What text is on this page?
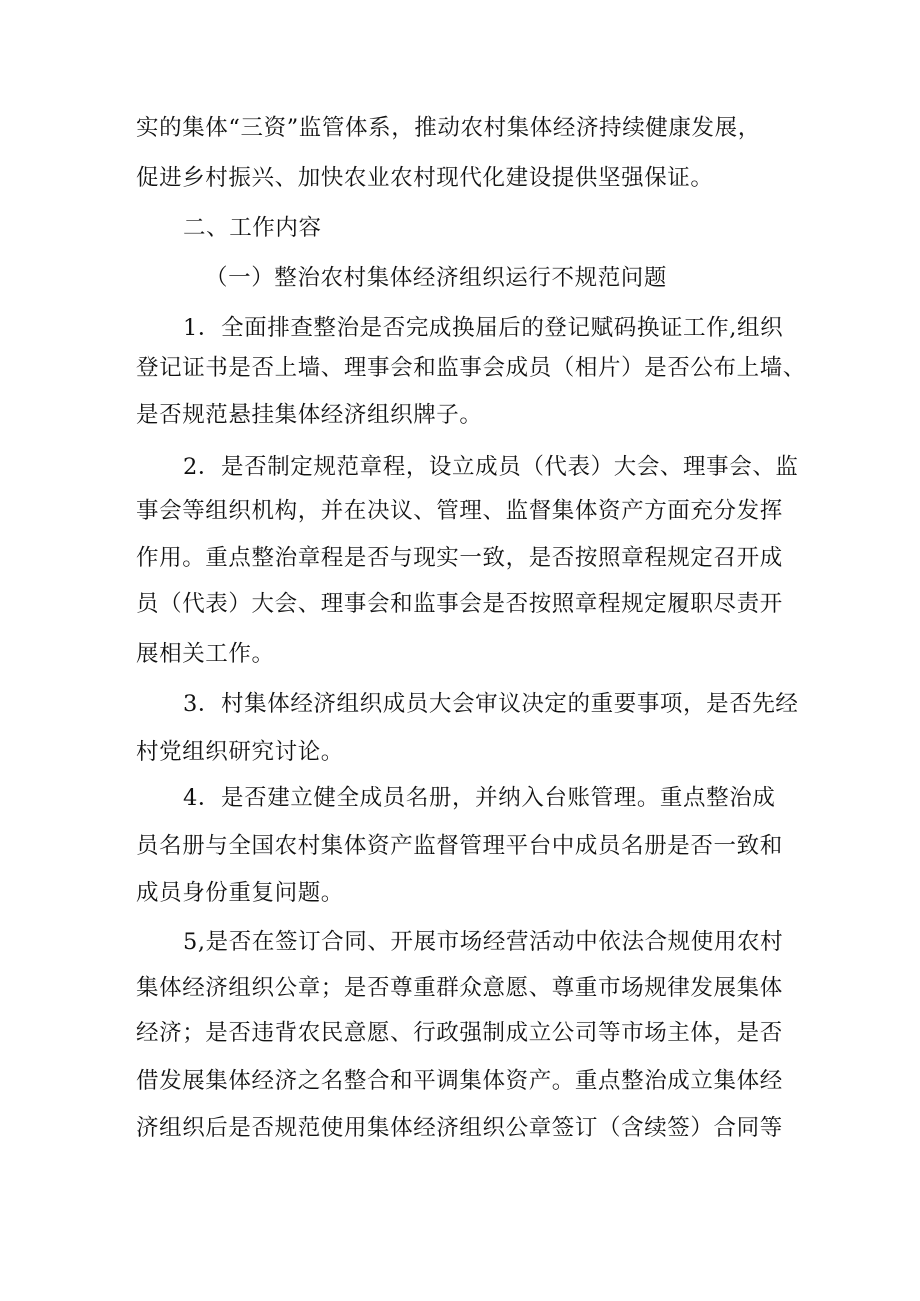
实的集体“三资”监管体系，推动农村集体经济持续健康发展，
促进乡村振兴、加快农业农村现代化建设提供坚强保证。
二、工作内容
（一）整治农村集体经济组织运行不规范问题
1．全面排查整治是否完成换届后的登记赋码换证工作,组织
登记证书是否上墙、理事会和监事会成员（相片）是否公布上墙、
是否规范悬挂集体经济组织牌子。
2．是否制定规范章程，设立成员（代表）大会、理事会、监
事会等组织机构，并在决议、管理、监督集体资产方面充分发挥
作用。重点整治章程是否与现实一致，是否按照章程规定召开成
员（代表）大会、理事会和监事会是否按照章程规定履职尽责开
展相关工作。
3．村集体经济组织成员大会审议决定的重要事项，是否先经
村党组织研究讨论。
4．是否建立健全成员名册，并纳入台账管理。重点整治成
员名册与全国农村集体资产监督管理平台中成员名册是否一致和
成员身份重复问题。
5,是否在签订合同、开展市场经营活动中依法合规使用农村
集体经济组织公章；是否尊重群众意愿、尊重市场规律发展集体
经济；是否违背农民意愿、行政强制成立公司等市场主体，是否
借发展集体经济之名整合和平调集体资产。重点整治成立集体经
济组织后是否规范使用集体经济组织公章签订（含续签）合同等
